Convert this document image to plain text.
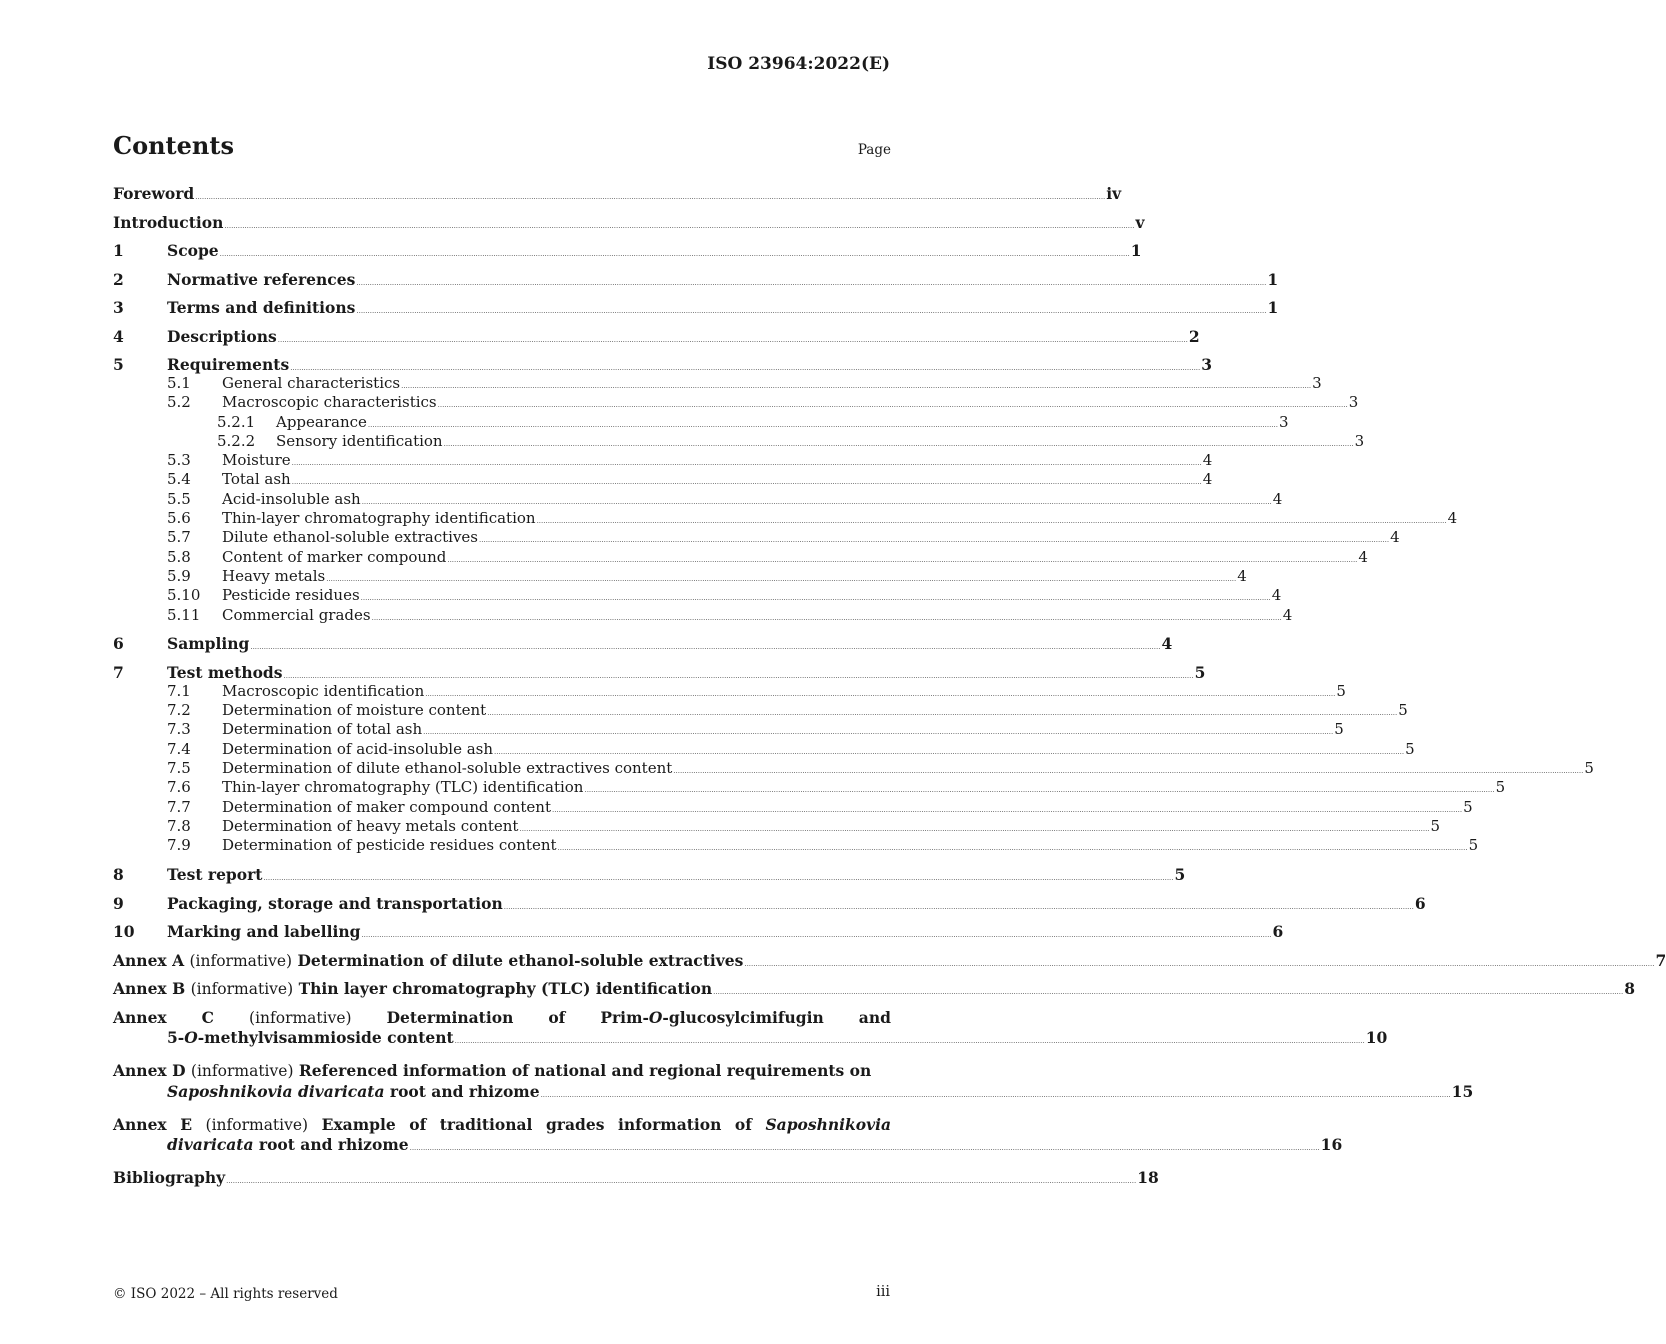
ISO 23964:2022(E)
Contents	Page
Foreword .....	iv
Introduction .....	v
1	Scope .....	1
2	Normative references .....	1
3	Terms and definitions .....	1
4	Descriptions .....	2
5	Requirements .....	3
5.1	General characteristics .....	3
5.2	Macroscopic characteristics .....	3
5.2.1	Appearance .....	3
5.2.2	Sensory identification .....	3
5.3	Moisture .....	4
5.4	Total ash .....	4
5.5	Acid-insoluble ash .....	4
5.6	Thin-layer chromatography identification .....	4
5.7	Dilute ethanol-soluble extractives .....	4
5.8	Content of marker compound .....	4
5.9	Heavy metals .....	4
5.10	Pesticide residues .....	4
5.11	Commercial grades .....	4
6	Sampling .....	4
7	Test methods .....	5
7.1	Macroscopic identification .....	5
7.2	Determination of moisture content .....	5
7.3	Determination of total ash .....	5
7.4	Determination of acid-insoluble ash .....	5
7.5	Determination of dilute ethanol-soluble extractives content .....	5
7.6	Thin-layer chromatography (TLC) identification .....	5
7.7	Determination of maker compound content .....	5
7.8	Determination of heavy metals content .....	5
7.9	Determination of pesticide residues content .....	5
8	Test report .....	5
9	Packaging, storage and transportation .....	6
10	Marking and labelling .....	6
Annex A (informative) Determination of dilute ethanol-soluble extractives .....	7
Annex B (informative) Thin layer chromatography (TLC) identification .....	8
Annex C (informative) Determination of Prim-O-glucosylcimifugin and
5-O-methylvisammioside content .....	10
Annex D (informative) Referenced information of national and regional requirements on
Saposhnikovia divaricata root and rhizome .....	15
Annex E (informative) Example of traditional grades information of Saposhnikovia
divaricata root and rhizome .....	16
Bibliography .....	18
© ISO 2022 – All rights reserved	iii
